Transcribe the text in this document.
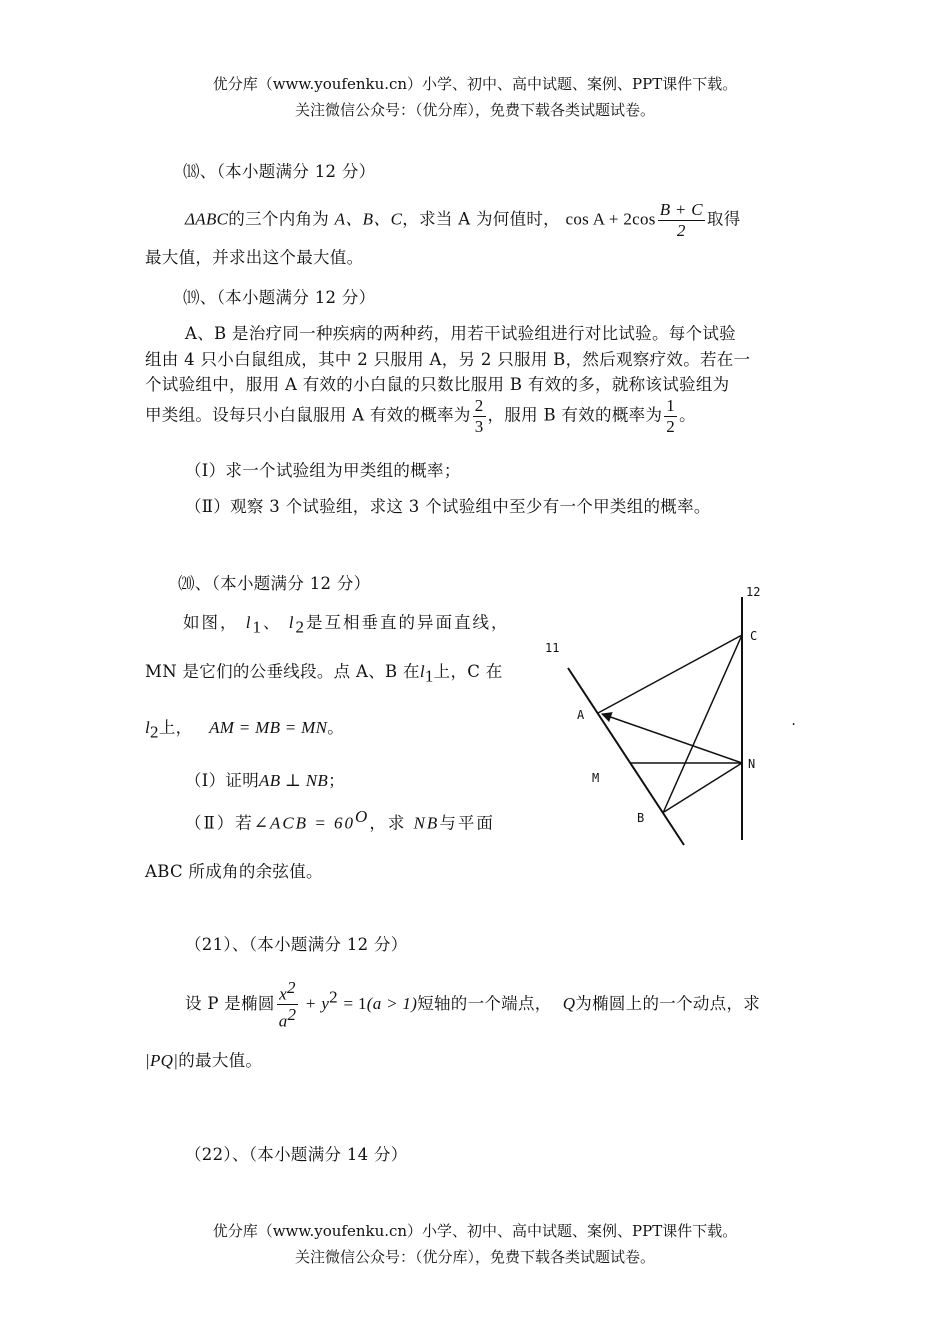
优分库（www.youfenku.cn）小学、初中、高中试题、案例、PPT课件下载。
关注微信公众号：（优分库），免费下载各类试题试卷。
⒅、（本小题满分 12 分）
ΔABC的三个内角为 A、B、C，求当 A 为何值时， $\cos A + 2\cos \frac{B + C}{2}$ 取得
最大值，并求出这个最大值。
⒆、（本小题满分 12 分）
A、B 是治疗同一种疾病的两种药，用若干试验组进行对比试验。每个试验
组由 4 只小白鼠组成，其中 2 只服用 A，另 2 只服用 B，然后观察疗效。若在一
个试验组中，服用 A 有效的小白鼠的只数比服用 B 有效的多，就称该试验组为
甲类组。设每只小白鼠服用 A 有效的概率为 $\frac{2}{3}$ ，服用 B 有效的概率为 $\frac{1}{2}$ 。
（Ⅰ）求一个试验组为甲类组的概率；
（Ⅱ）观察 3 个试验组，求这 3 个试验组中至少有一个甲类组的概率。
⒇、（本小题满分 12 分）
如图， $l_1$、 $l_2$是互相垂直的异面直线，
MN 是它们的公垂线段。点 A、B 在$l_1$上，C 在
$l_2$上， AM = MB = MN。
（Ⅰ）证明AB ⊥ NB；
（Ⅱ）若∠ACB = $60^O$，求 NB与平面
ABC 所成角的余弦值。
11
12
A
B
C
M
N
.
（21）、（本小题满分 12 分）
设 P 是椭圆 $\frac{x^2}{a^2} + y^2 = 1(a > 1)$短轴的一个端点， Q为椭圆上的一个动点，求
|PQ|的最大值。
（22）、（本小题满分 14 分）
优分库（www.youfenku.cn）小学、初中、高中试题、案例、PPT课件下载。
关注微信公众号：（优分库），免费下载各类试题试卷。
